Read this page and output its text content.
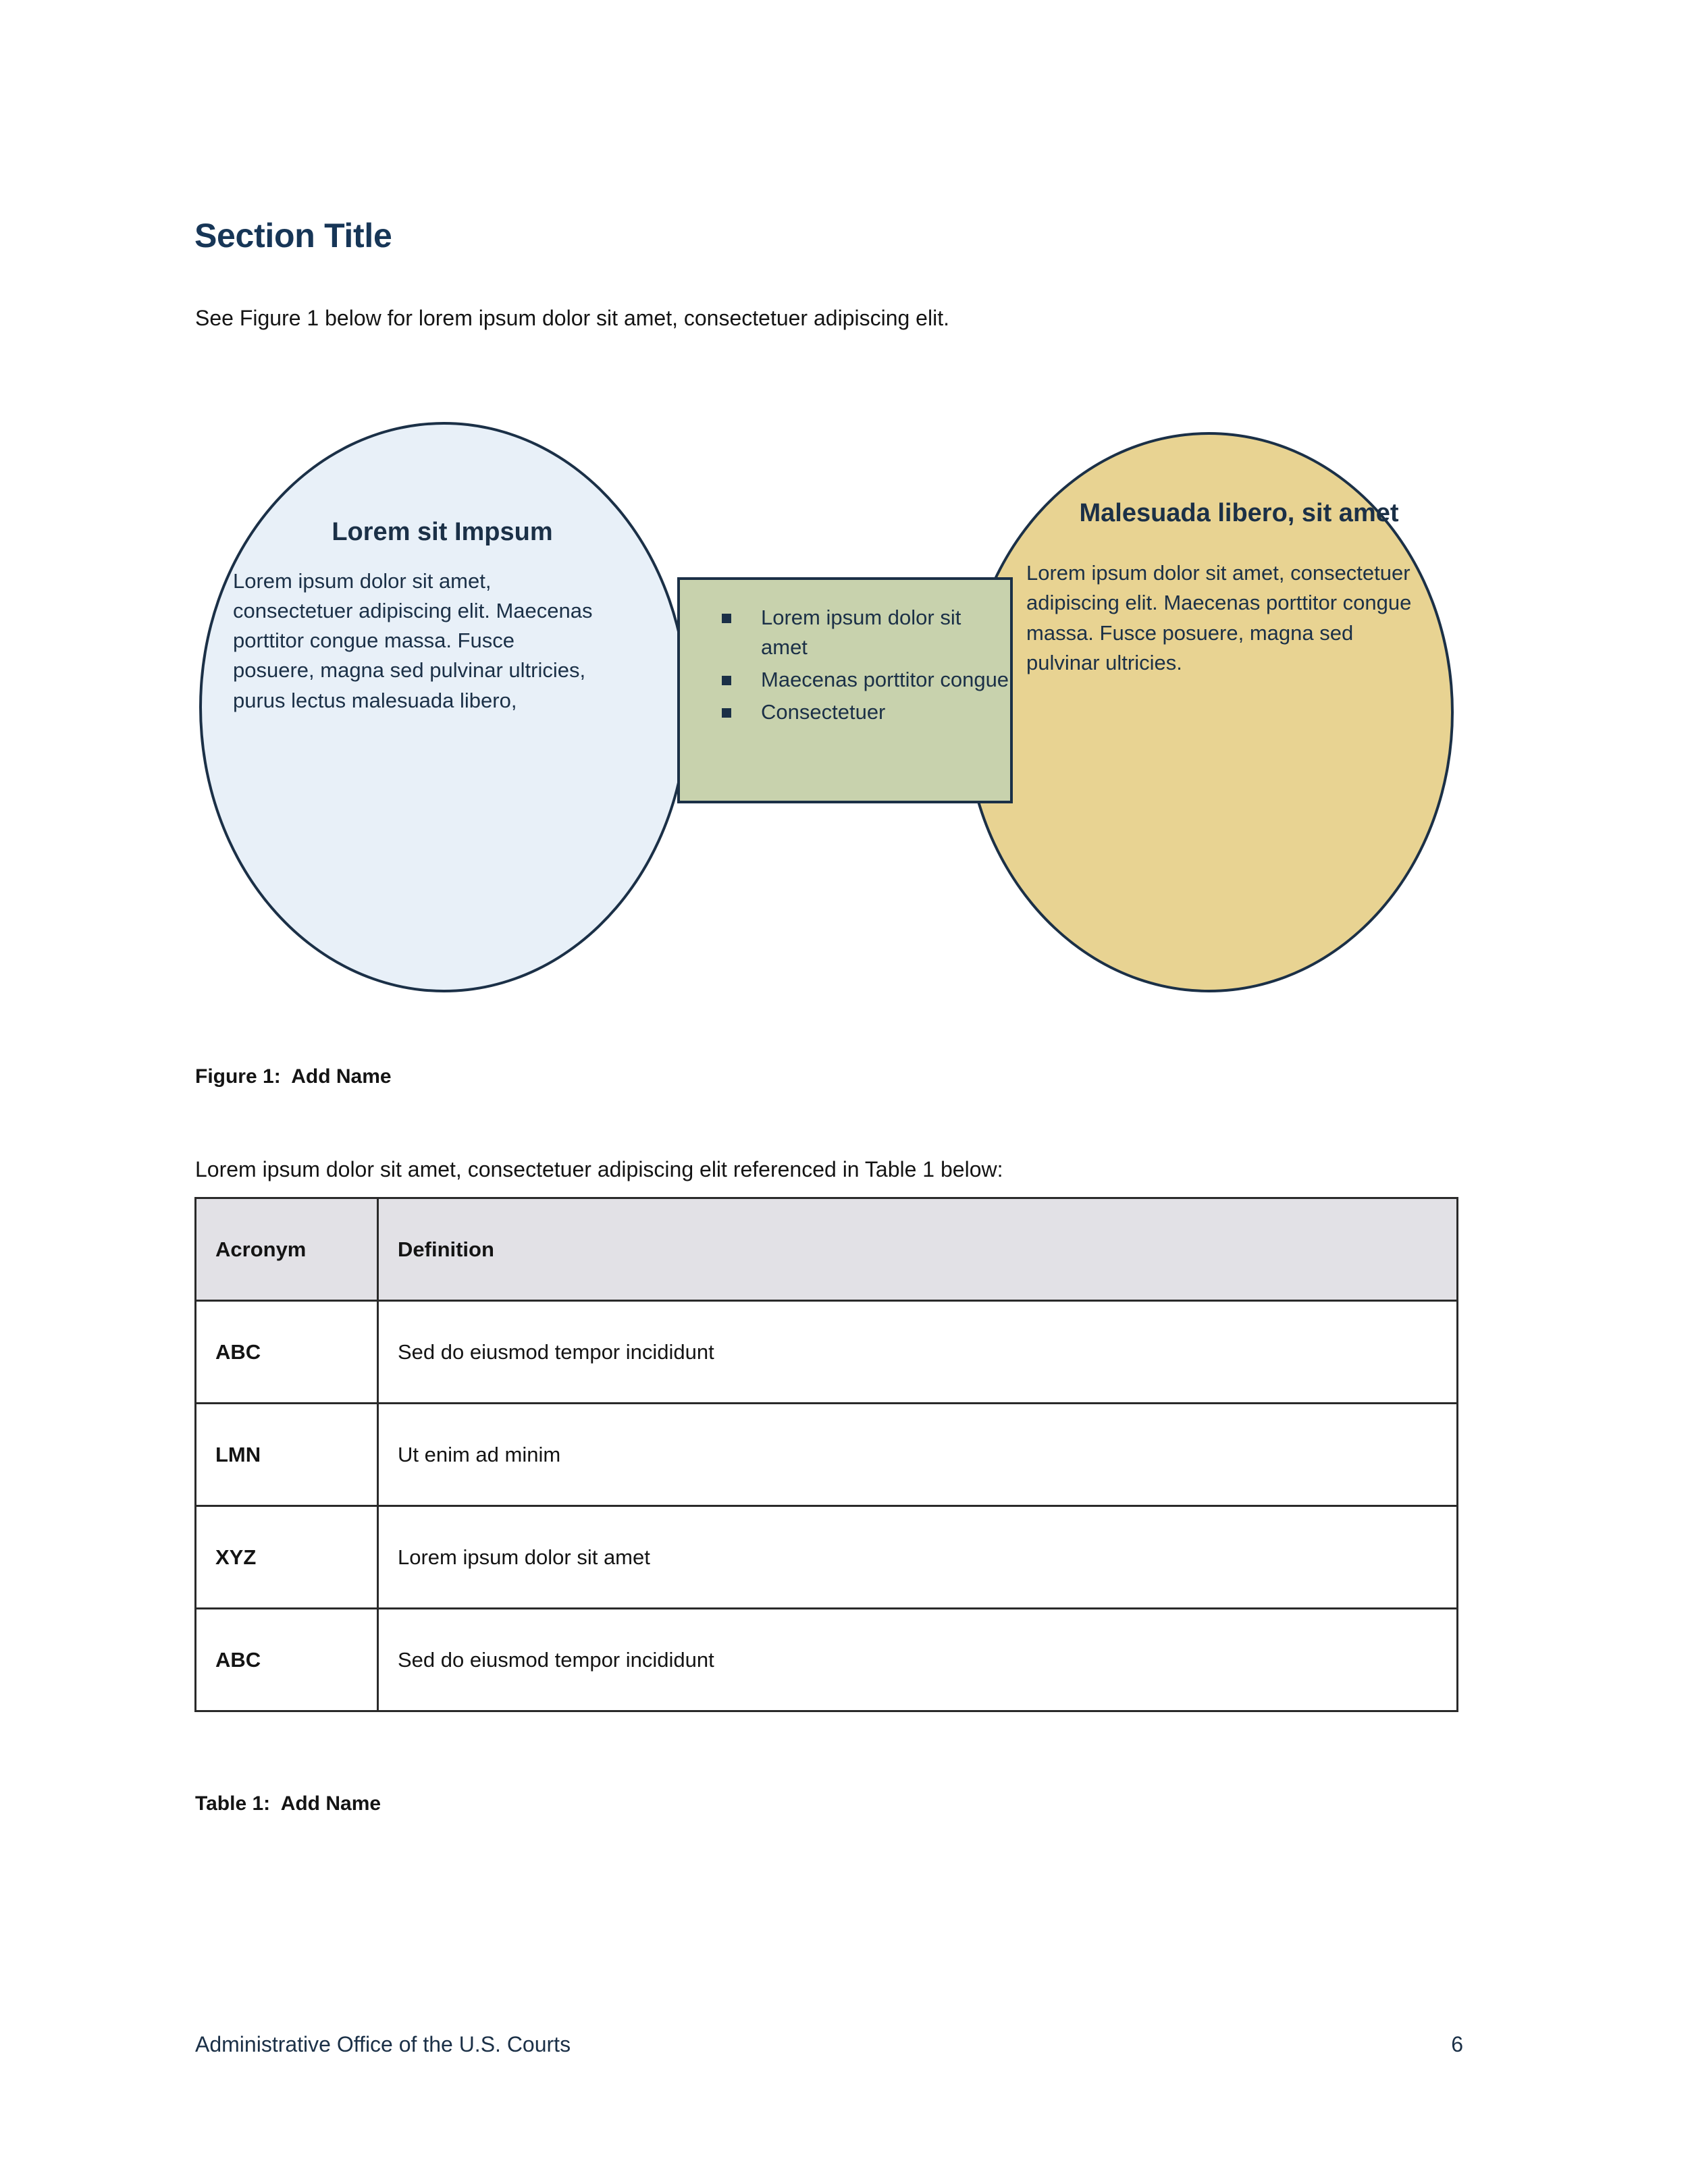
Section Title

See Figure 1 below for lorem ipsum dolor sit amet, consectetuer adipiscing elit.

Lorem sit Impsum
Lorem ipsum dolor sit amet, consectetuer adipiscing elit. Maecenas porttitor congue massa. Fusce posuere, magna sed pulvinar ultricies, purus lectus malesuada libero,
Malesuada libero, sit amet
Lorem ipsum dolor sit amet, consectetuer adipiscing elit. Maecenas porttitor congue massa. Fusce posuere, magna sed pulvinar ultricies.
Lorem ipsum dolor sit amet
Maecenas porttitor congue
Consectetuer
Figure 1:  Add Name

Lorem ipsum dolor sit amet, consectetuer adipiscing elit referenced in Table 1 below:

Acronym	Definition
ABC	Sed do eiusmod tempor incididunt
LMN	Ut enim ad minim
XYZ	Lorem ipsum dolor sit amet
ABC	Sed do eiusmod tempor incididunt
Table 1:  Add Name
Administrative Office of the U.S. Courts	6
